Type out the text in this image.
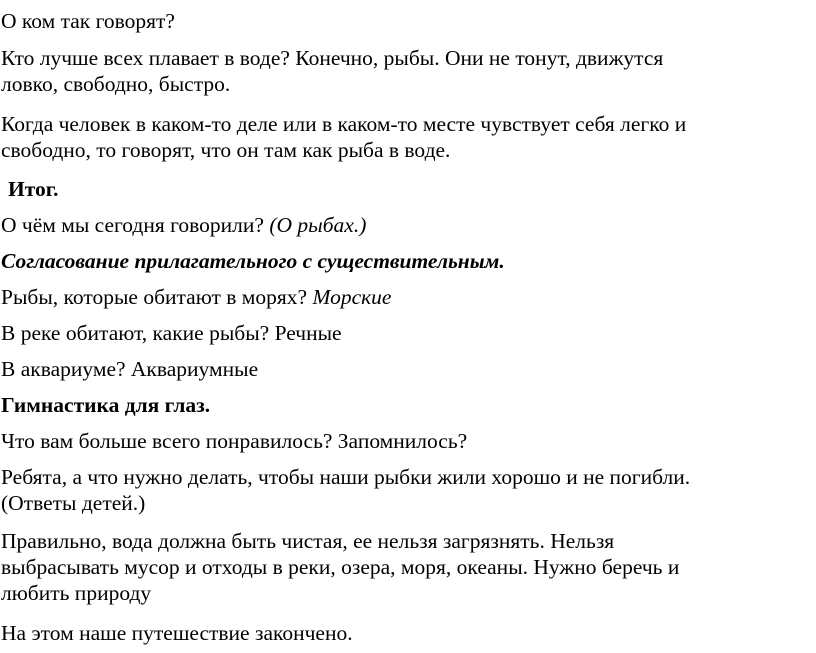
О ком так говорят?

Кто лучше всех плавает в воде? Конечно, рыбы. Они не тонут, движутся
ловко, свободно, быстро.

Когда человек в каком-то деле или в каком-то месте чувствует себя легко и
свободно, то говорят, что он там как рыба в воде.

Итог.

О чём мы сегодня говорили? (О рыбах.)

Согласование прилагательного с существительным.

Рыбы, которые обитают в морях? Морские

В реке обитают, какие рыбы? Речные

В аквариуме? Аквариумные

Гимнастика для глаз.

Что вам больше всего понравилось? Запомнилось?

Ребята, а что нужно делать, чтобы наши рыбки жили хорошо и не погибли.
(Ответы детей.)

Правильно, вода должна быть чистая, ее нельзя загрязнять. Нельзя
выбрасывать мусор и отходы в реки, озера, моря, океаны. Нужно беречь и
любить природу

На этом наше путешествие закончено.
